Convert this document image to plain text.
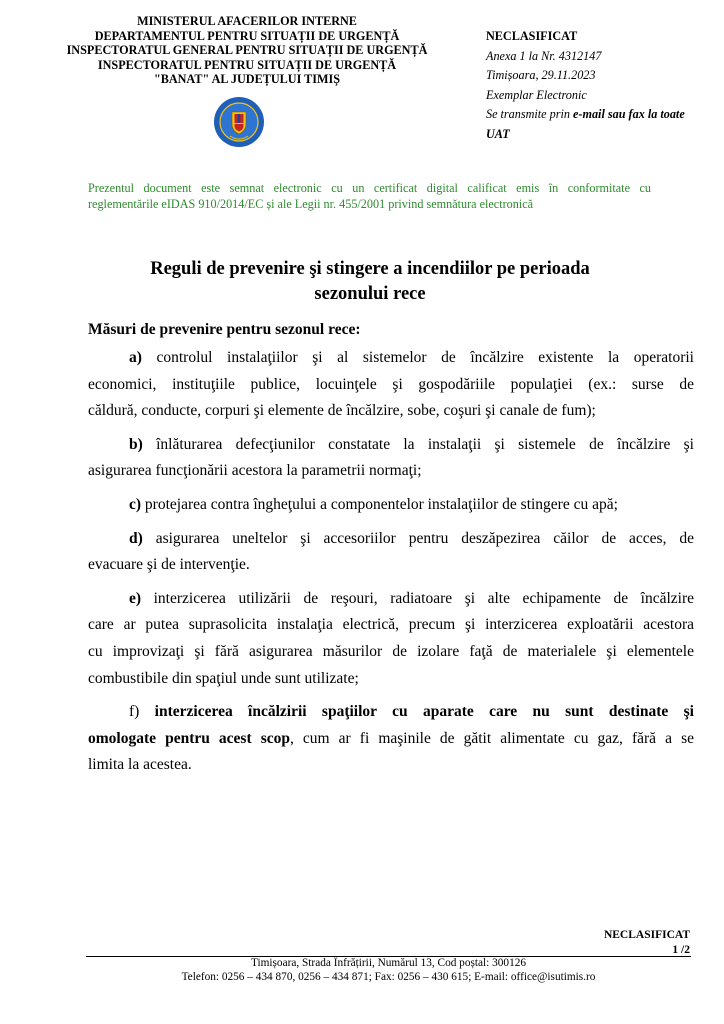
MINISTERUL AFACERILOR INTERNE
DEPARTAMENTUL PENTRU SITUAȚII DE URGENȚĂ
INSPECTORATUL GENERAL PENTRU SITUAȚII DE URGENȚĂ
INSPECTORATUL PENTRU SITUAȚII DE URGENȚĂ
"BANAT" AL JUDEȚULUI TIMIȘ
NECLASIFICAT
Anexa 1 la Nr. 4312147
Timișoara, 29.11.2023
Exemplar Electronic
Se transmite prin e-mail sau fax la toate
UAT
Prezentul document este semnat electronic cu un certificat digital calificat emis în conformitate cu
reglementările eIDAS 910/2014/EC și ale Legii nr. 455/2001 privind semnătura electronică
Reguli de prevenire şi stingere a incendiilor pe perioada
sezonului rece
Măsuri de prevenire pentru sezonul rece:
a) controlul instalaţiilor şi al sistemelor de încălzire existente la operatorii
economici, instituţiile publice, locuinţele şi gospodăriile populaţiei (ex.: surse de
căldură, conducte, corpuri şi elemente de încălzire, sobe, coşuri şi canale de fum);
b) înlăturarea defecţiunilor constatate la instalaţii şi sistemele de încălzire şi
asigurarea funcţionării acestora la parametrii normaţi;
c) protejarea contra îngheţului a componentelor instalaţiilor de stingere cu apă;
d) asigurarea uneltelor şi accesoriilor pentru deszăpezirea căilor de acces, de
evacuare şi de intervenţie.
e) interzicerea utilizării de reşouri, radiatoare şi alte echipamente de încălzire
care ar putea suprasolicita instalaţia electrică, precum şi interzicerea exploatării acestora
cu improvizaţi şi fără asigurarea măsurilor de izolare faţă de materialele şi elementele
combustibile din spaţiul unde sunt utilizate;
f) interzicerea încălzirii spaţiilor cu aparate care nu sunt destinate şi
omologate pentru acest scop, cum ar fi maşinile de gătit alimentate cu gaz, fără a se
limita la acestea.
NECLASIFICAT
1 /2
Timișoara, Strada Înfrățirii, Numărul 13, Cod poștal: 300126
Telefon: 0256 – 434 870, 0256 – 434 871; Fax: 0256 – 430 615; E-mail: office@isutimis.ro
